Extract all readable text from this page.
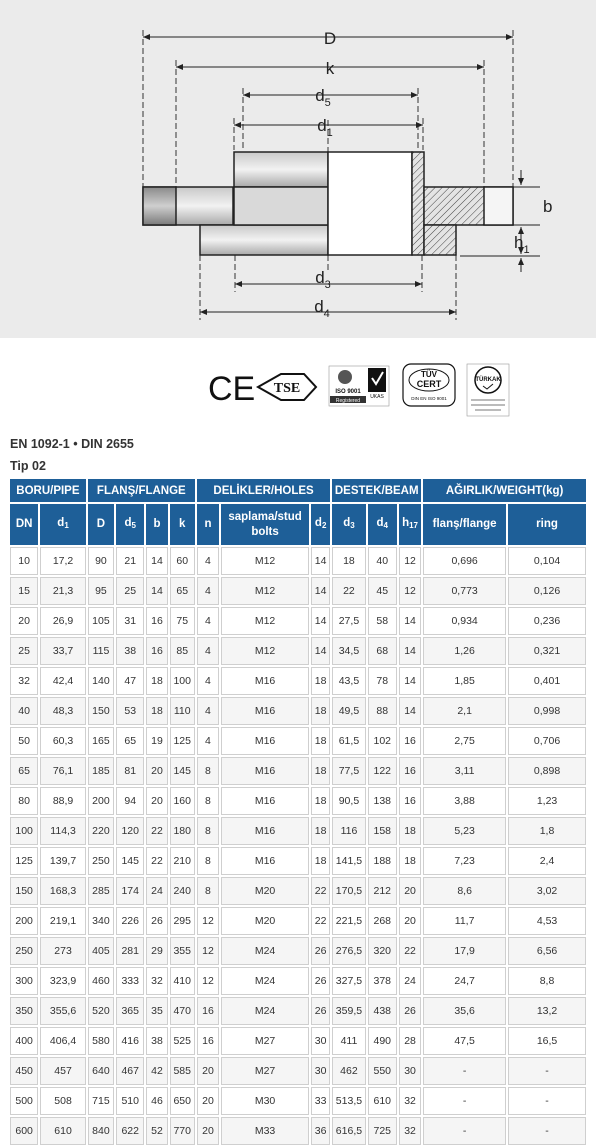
D
k
$d_5$
$d_1$
b
$h_1$
$d_3$
$d_4$
CE TSE
UKAS
ISO 9001
Registered
TÜV
CERT
DIN EN ISO 9001
TÜRKAK
EN 1092-1 • DIN 2655
Tip 02
BORU/PIPE		FLANŞ/FLANGE				DELİKLER/HOLES			DESTEK/BEAM			AĞIRLIK/WEIGHT(kg)	
DN	$d_1$	D	$d_5$	b	k	n	saplama/stud
bolts	$d_2$	$d_3$	$d_4$	$h_{17}$	flanş/flange	ring
10	17,2	90	21	14	60	4	M12	14	18	40	12	0,696	0,104
15	21,3	95	25	14	65	4	M12	14	22	45	12	0,773	0,126
20	26,9	105	31	16	75	4	M12	14	27,5	58	14	0,934	0,236
25	33,7	115	38	16	85	4	M12	14	34,5	68	14	1,26	0,321
32	42,4	140	47	18	100	4	M16	18	43,5	78	14	1,85	0,401
40	48,3	150	53	18	110	4	M16	18	49,5	88	14	2,1	0,998
50	60,3	165	65	19	125	4	M16	18	61,5	102	16	2,75	0,706
65	76,1	185	81	20	145	8	M16	18	77,5	122	16	3,11	0,898
80	88,9	200	94	20	160	8	M16	18	90,5	138	16	3,88	1,23
100	114,3	220	120	22	180	8	M16	18	116	158	18	5,23	1,8
125	139,7	250	145	22	210	8	M16	18	141,5	188	18	7,23	2,4
150	168,3	285	174	24	240	8	M20	22	170,5	212	20	8,6	3,02
200	219,1	340	226	26	295	12	M20	22	221,5	268	20	11,7	4,53
250	273	405	281	29	355	12	M24	26	276,5	320	22	17,9	6,56
300	323,9	460	333	32	410	12	M24	26	327,5	378	24	24,7	8,8
350	355,6	520	365	35	470	16	M24	26	359,5	438	26	35,6	13,2
400	406,4	580	416	38	525	16	M27	30	411	490	28	47,5	16,5
450	457	640	467	42	585	20	M27	30	462	550	30	-	-
500	508	715	510	46	650	20	M30	33	513,5	610	32	-	-
600	610	840	622	52	770	20	M33	36	616,5	725	32	-	-
